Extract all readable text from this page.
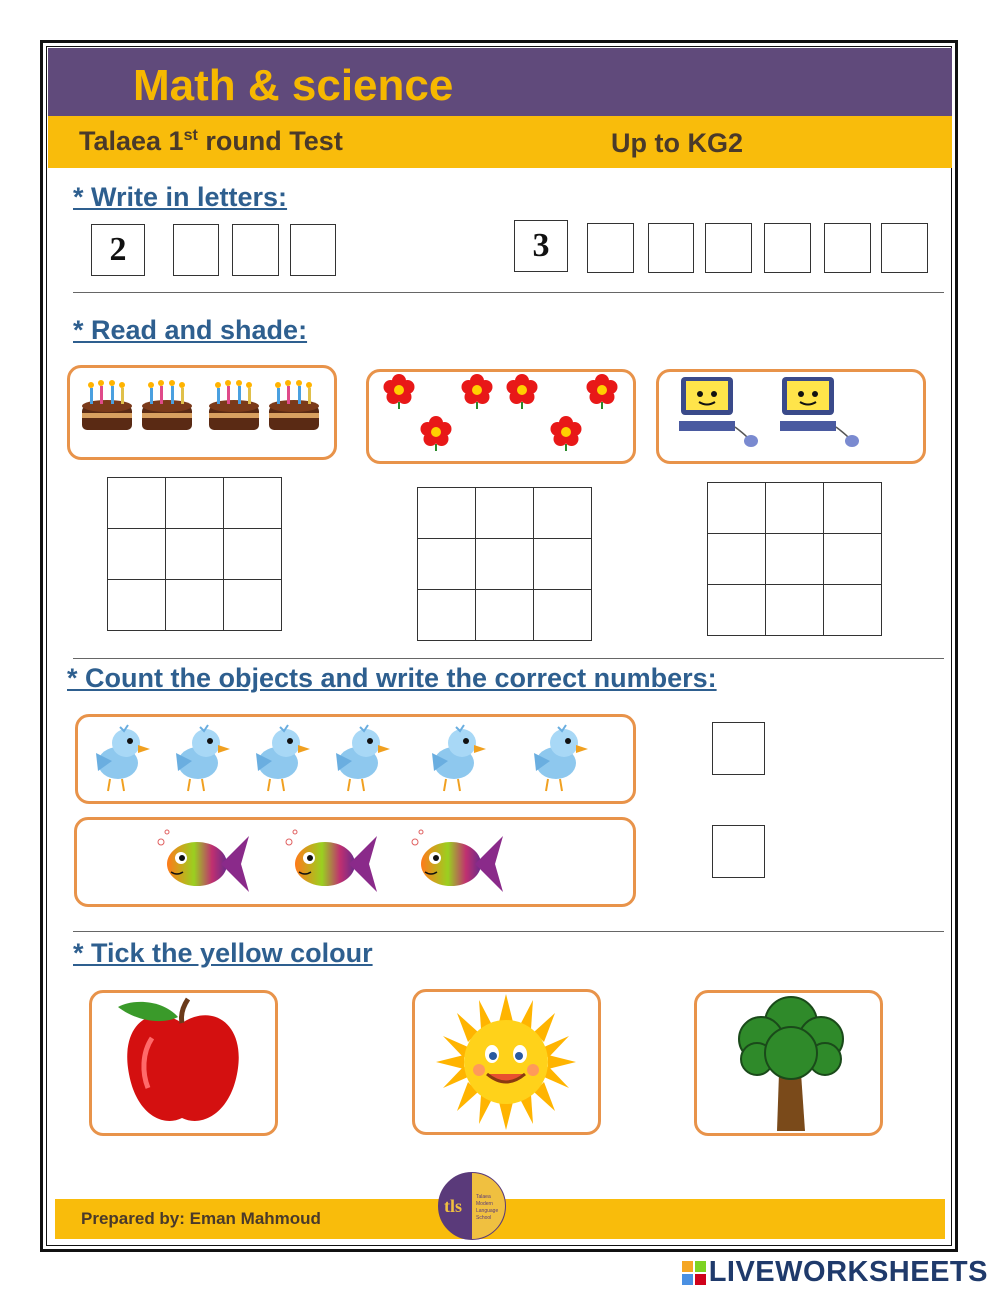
Math & science
Talaea 1st round Test	Up to KG2
* Write in letters:
2	3
* Read and shade:

* Count the objects and write the correct numbers:
* Tick the yellow colour
Prepared by: Eman Mahmoud
tls	Talaea
Modern
Language
School
LIVEWORKSHEETS
